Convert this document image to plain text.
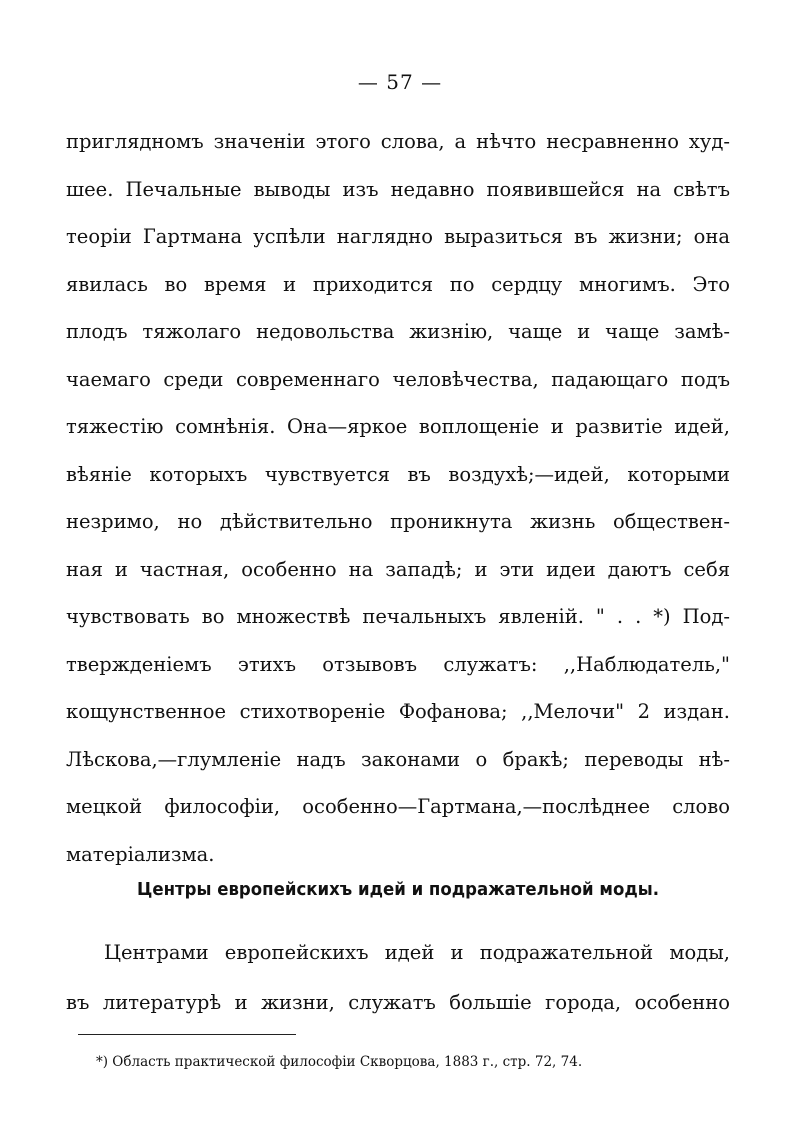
— 57 —
приглядномъ значенiи этого слова, а нѣчто несравненно худ-
шее. Печальные выводы изъ недавно появившейся на свѣтъ
теорiи Гартмана успѣли наглядно выразиться въ жизни; она
явилась во время и приходится по сердцу многимъ. Это
плодъ тяжолаго недовольства жизнiю, чаще и чаще замѣ-
чаемаго среди современнаго человѣчества, падающаго подъ
тяжестiю сомнѣнiя. Она—яркое воплощенiе и развитiе идей,
вѣянiе которыхъ чувствуется въ воздухѣ;—идей, которыми
незримо, но дѣйствительно проникнута жизнь обществен-
ная и частная, особенно на западѣ; и эти идеи даютъ себя
чувствовать во множествѣ печальныхъ явленiй. " . . *) Под-
твержденiемъ этихъ отзывовъ служатъ: ,,Наблюдатель,"
кощунственное стихотворенiе Фофанова; ,,Мелочи" 2 издан.
Лѣскова,—глумленiе надъ законами о бракѣ; переводы нѣ-
мецкой философiи, особенно—Гартмана,—послѣднее слово
матерiализма.
Центры европейскихъ идей и подражательной моды.
Центрами европейскихъ идей и подражательной моды,
въ литературѣ и жизни, служатъ большiе города, особенно
*) Область практической философiи Скворцова, 1883 г., стр. 72, 74.
